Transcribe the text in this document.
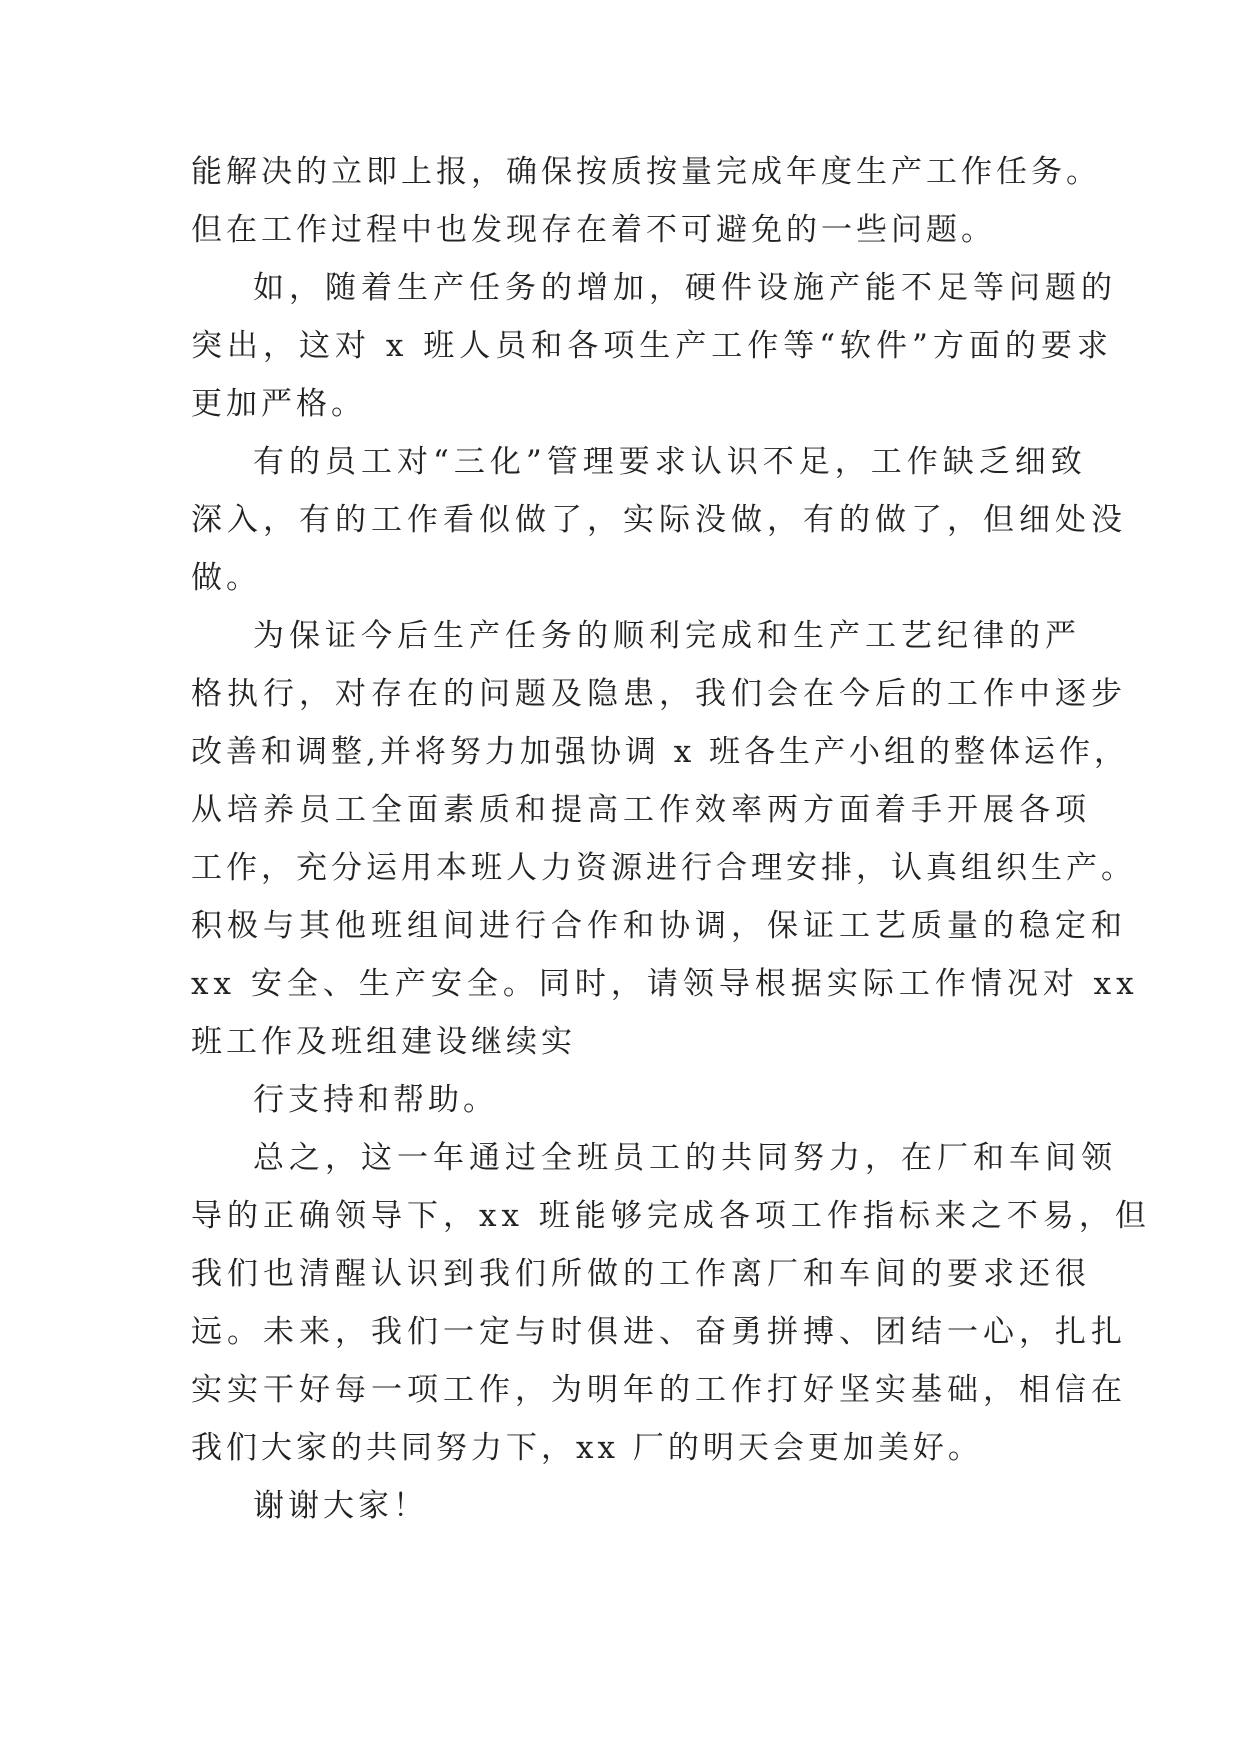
能解决的立即上报，确保按质按量完成年度生产工作任务。
但在工作过程中也发现存在着不可避免的一些问题。
如，随着生产任务的增加，硬件设施产能不足等问题的
突出，这对 x 班人员和各项生产工作等“软件”方面的要求
更加严格。
有的员工对“三化”管理要求认识不足，工作缺乏细致
深入，有的工作看似做了，实际没做，有的做了，但细处没
做。
为保证今后生产任务的顺利完成和生产工艺纪律的严
格执行，对存在的问题及隐患，我们会在今后的工作中逐步
改善和调整,并将努力加强协调 x 班各生产小组的整体运作，
从培养员工全面素质和提高工作效率两方面着手开展各项
工作，充分运用本班人力资源进行合理安排，认真组织生产。
积极与其他班组间进行合作和协调，保证工艺质量的稳定和
xx 安全、生产安全。同时，请领导根据实际工作情况对 xx
班工作及班组建设继续实
行支持和帮助。
总之，这一年通过全班员工的共同努力，在厂和车间领
导的正确领导下，xx 班能够完成各项工作指标来之不易，但
我们也清醒认识到我们所做的工作离厂和车间的要求还很
远。未来，我们一定与时俱进、奋勇拼搏、团结一心，扎扎
实实干好每一项工作，为明年的工作打好坚实基础，相信在
我们大家的共同努力下，xx 厂的明天会更加美好。
谢谢大家！
